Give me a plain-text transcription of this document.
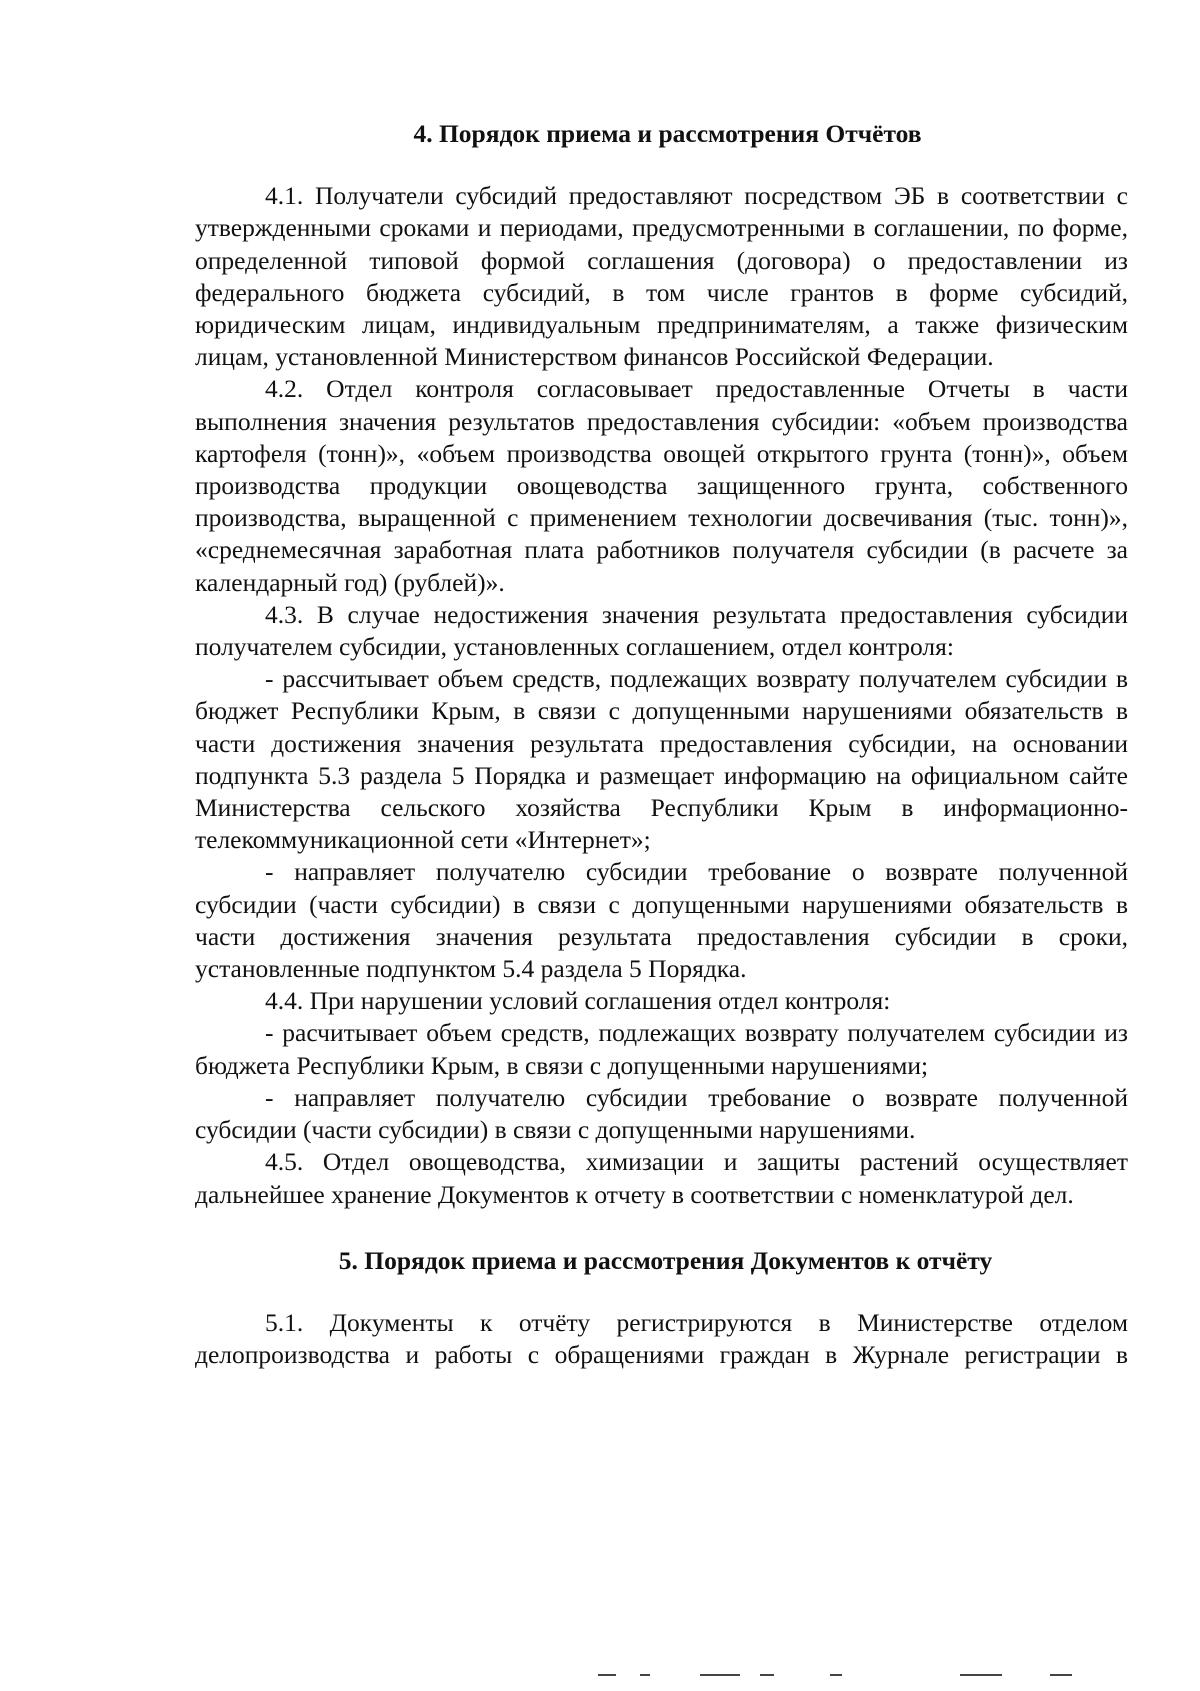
4. Порядок приема и рассмотрения Отчётов

4.1. Получатели субсидий предоставляют посредством ЭБ в соответствии с утвержденными сроками и периодами, предусмотренными в соглашении, по форме, определенной типовой формой соглашения (договора) о предоставлении из федерального бюджета субсидий, в том числе грантов в форме субсидий, юридическим лицам, индивидуальным предпринимателям, а также физическим лицам, установленной Министерством финансов Российской Федерации.

4.2. Отдел контроля согласовывает предоставленные Отчеты в части выполнения значения результатов предоставления субсидии: «объем производства картофеля (тонн)», «объем производства овощей открытого грунта (тонн)», объем производства продукции овощеводства защищенного грунта, собственного производства, выращенной с применением технологии досвечивания (тыс. тонн)», «среднемесячная заработная плата работников получателя субсидии (в расчете за календарный год) (рублей)».

4.3. В случае недостижения значения результата предоставления субсидии получателем субсидии, установленных соглашением, отдел контроля:

- рассчитывает объем средств, подлежащих возврату получателем субсидии в бюджет Республики Крым, в связи с допущенными нарушениями обязательств в части достижения значения результата предоставления субсидии, на основании подпункта 5.3 раздела 5 Порядка и размещает информацию на официальном сайте Министерства сельского хозяйства Республики Крым в информационно-телекоммуникационной сети «Интернет»;

- направляет получателю субсидии требование о возврате полученной субсидии (части субсидии) в связи с допущенными нарушениями обязательств в части достижения значения результата предоставления субсидии в сроки, установленные подпунктом 5.4 раздела 5 Порядка.

4.4. При нарушении условий соглашения отдел контроля:

- расчитывает объем средств, подлежащих возврату получателем субсидии из бюджета Республики Крым, в связи с допущенными нарушениями;

- направляет получателю субсидии требование о возврате полученной субсидии (части субсидии) в связи с допущенными нарушениями.

4.5. Отдел овощеводства, химизации и защиты растений осуществляет дальнейшее хранение Документов к отчету в соответствии с номенклатурой дел.

5. Порядок приема и рассмотрения Документов к отчёту

5.1. Документы к отчёту регистрируются в Министерстве отделом делопроизводства и работы с обращениями граждан в Журнале регистрации в
